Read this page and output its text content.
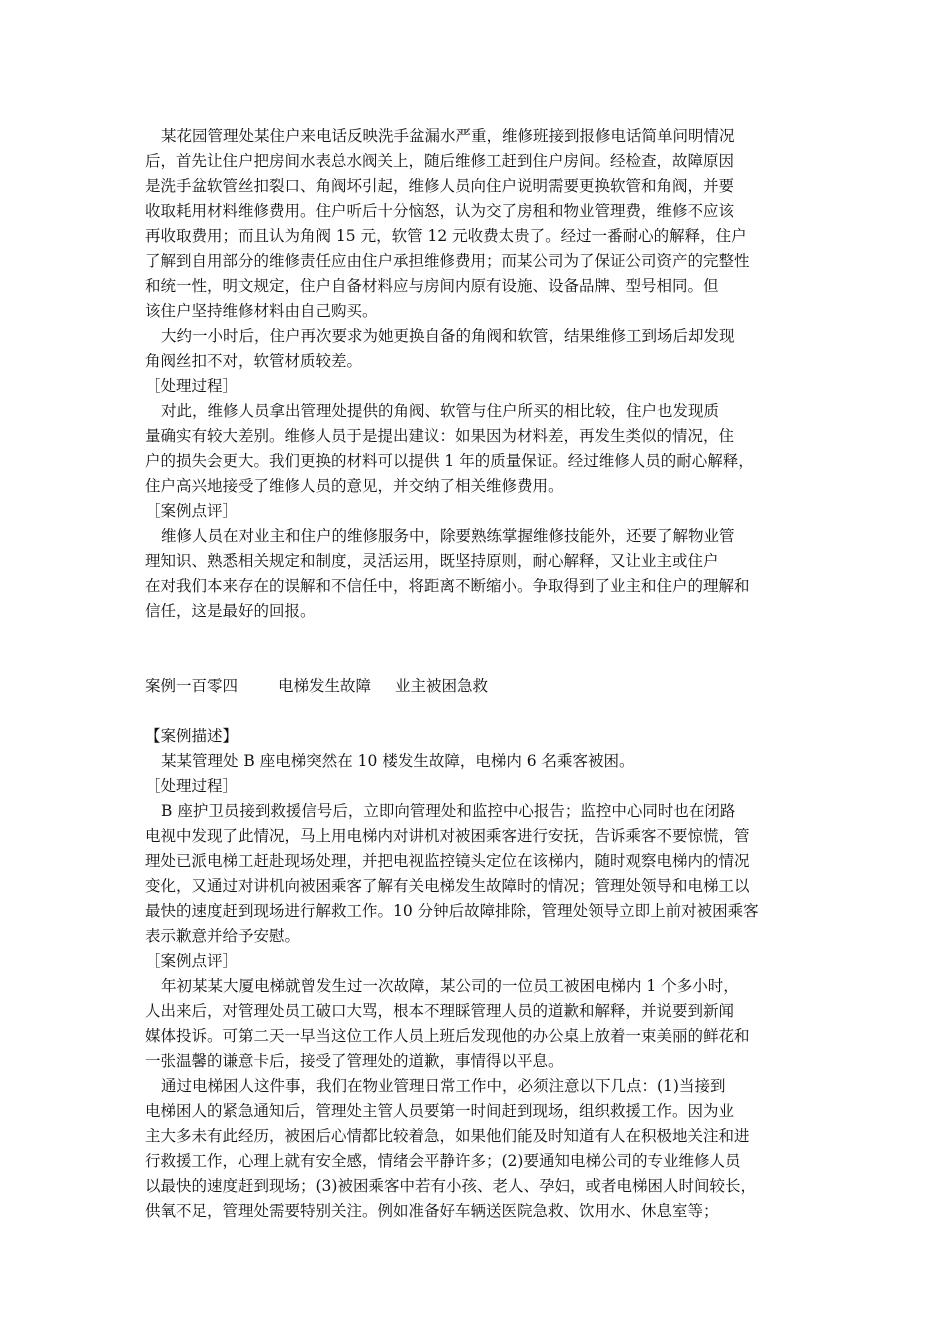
某花园管理处某住户来电话反映洗手盆漏水严重，维修班接到报修电话简单问明情况
后，首先让住户把房间水表总水阀关上，随后维修工赶到住户房间。经检查，故障原因
是洗手盆软管丝扣裂口、角阀坏引起，维修人员向住户说明需要更换软管和角阀，并要
收取耗用材料维修费用。住户听后十分恼怒，认为交了房租和物业管理费，维修不应该
再收取费用；而且认为角阀 15 元，软管 12 元收费太贵了。经过一番耐心的解释，住户
了解到自用部分的维修责任应由住户承担维修费用；而某公司为了保证公司资产的完整性
和统一性，明文规定，住户自备材料应与房间内原有设施、设备品牌、型号相同。但
该住户坚持维修材料由自己购买。
大约一小时后，住户再次要求为她更换自备的角阀和软管，结果维修工到场后却发现
角阀丝扣不对，软管材质较差。
［处理过程］
对此，维修人员拿出管理处提供的角阀、软管与住户所买的相比较，住户也发现质
量确实有较大差别。维修人员于是提出建议：如果因为材料差，再发生类似的情况，住
户的损失会更大。我们更换的材料可以提供 1 年的质量保证。经过维修人员的耐心解释，
住户高兴地接受了维修人员的意见，并交纳了相关维修费用。
［案例点评］
维修人员在对业主和住户的维修服务中，除要熟练掌握维修技能外，还要了解物业管
理知识、熟悉相关规定和制度，灵活运用，既坚持原则，耐心解释，又让业主或住户
在对我们本来存在的误解和不信任中，将距离不断缩小。争取得到了业主和住户的理解和
信任，这是最好的回报。
案例一百零四	电梯发生故障 业主被困急救
【案例描述】
某某管理处 B 座电梯突然在 10 楼发生故障，电梯内 6 名乘客被困。
［处理过程］
B 座护卫员接到救援信号后，立即向管理处和监控中心报告；监控中心同时也在闭路
电视中发现了此情况，马上用电梯内对讲机对被困乘客进行安抚，告诉乘客不要惊慌，管
理处已派电梯工赶赴现场处理，并把电视监控镜头定位在该梯内，随时观察电梯内的情况
变化，又通过对讲机向被困乘客了解有关电梯发生故障时的情况；管理处领导和电梯工以
最快的速度赶到现场进行解救工作。10 分钟后故障排除，管理处领导立即上前对被困乘客
表示歉意并给予安慰。
［案例点评］
年初某某大厦电梯就曾发生过一次故障，某公司的一位员工被困电梯内 1 个多小时，
人出来后，对管理处员工破口大骂，根本不理睬管理人员的道歉和解释，并说要到新闻
媒体投诉。可第二天一早当这位工作人员上班后发现他的办公桌上放着一束美丽的鲜花和
一张温馨的谦意卡后，接受了管理处的道歉，事情得以平息。
通过电梯困人这件事，我们在物业管理日常工作中，必须注意以下几点：(1)当接到
电梯困人的紧急通知后，管理处主管人员要第一时间赶到现场，组织救援工作。因为业
主大多未有此经历，被困后心情都比较着急，如果他们能及时知道有人在积极地关注和进
行救援工作，心理上就有安全感，情绪会平静许多；(2)要通知电梯公司的专业维修人员
以最快的速度赶到现场；(3)被困乘客中若有小孩、老人、孕妇，或者电梯困人时间较长，
供氧不足，管理处需要特别关注。例如准备好车辆送医院急救、饮用水、休息室等；
